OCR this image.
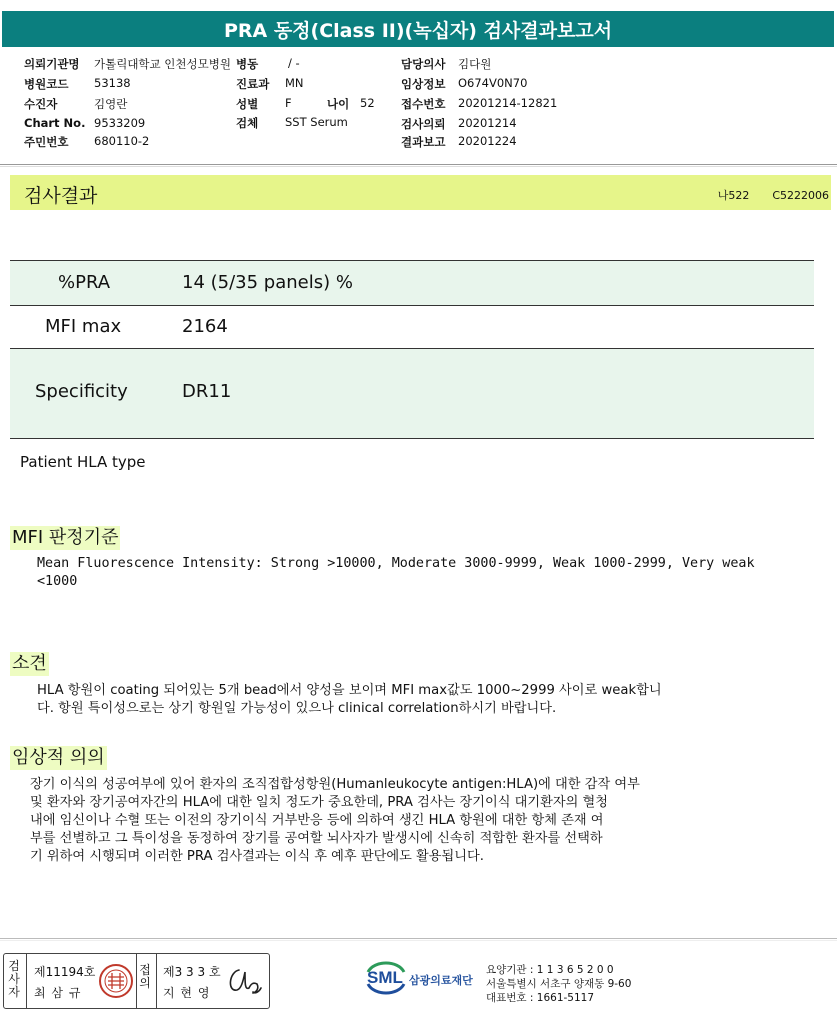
PRA 동정(Class II)(녹십자) 검사결과보고서
의뢰기관명 가톨릭대학교 인천성모병원 병동	/ -	담당의사 김다원
병원코드 53138	진료과 MN	임상정보 O674V0N70
수진자	김영란	성별 F	나이 52 접수번호 20201214-12821
Chart No. 9533209	검체 SST Serum	검사의뢰 20201214
주민번호 680110-2	결과보고 20201224
검사결과	나522 C5222006
%PRA	14 (5/35 panels) %
MFI max	2164
Specificity	DR11
Patient HLA type
MFI 판정기준
Mean Fluorescence Intensity: Strong >10000, Moderate 3000-9999, Weak 1000-2999, Very weak
<1000
소견
HLA 항원이 coating 되어있는 5개 bead에서 양성을 보이며 MFI max값도 1000~2999 사이로 weak합니
다. 항원 특이성으로는 상기 항원일 가능성이 있으나 clinical correlation하시기 바랍니다.
임상적 의의
장기 이식의 성공여부에 있어 환자의 조직접합성항원(Humanleukocyte antigen:HLA)에 대한 감작 여부
및 환자와 장기공여자간의 HLA에 대한 일치 정도가 중요한데, PRA 검사는 장기이식 대기환자의 혈청
내에 임신이나 수혈 또는 이전의 장기이식 거부반응 등에 의하여 생긴 HLA 항원에 대한 항체 존재 여
부를 선별하고 그 특이성을 동정하여 장기를 공여할 뇌사자가 발생시에 신속히 적합한 환자를 선택하
기 위하여 시행되며 이러한 PRA 검사결과는 이식 후 예후 판단에도 활용됩니다.
검
사
자
제11194호
최 삼 규
접
의
제3 3 3 호
지 현 영
SML 삼광의료재단
요양기관 : 1 1 3 6 5 2 0 0
서울특별시 서초구 양재동 9-60
대표번호 : 1661-5117
